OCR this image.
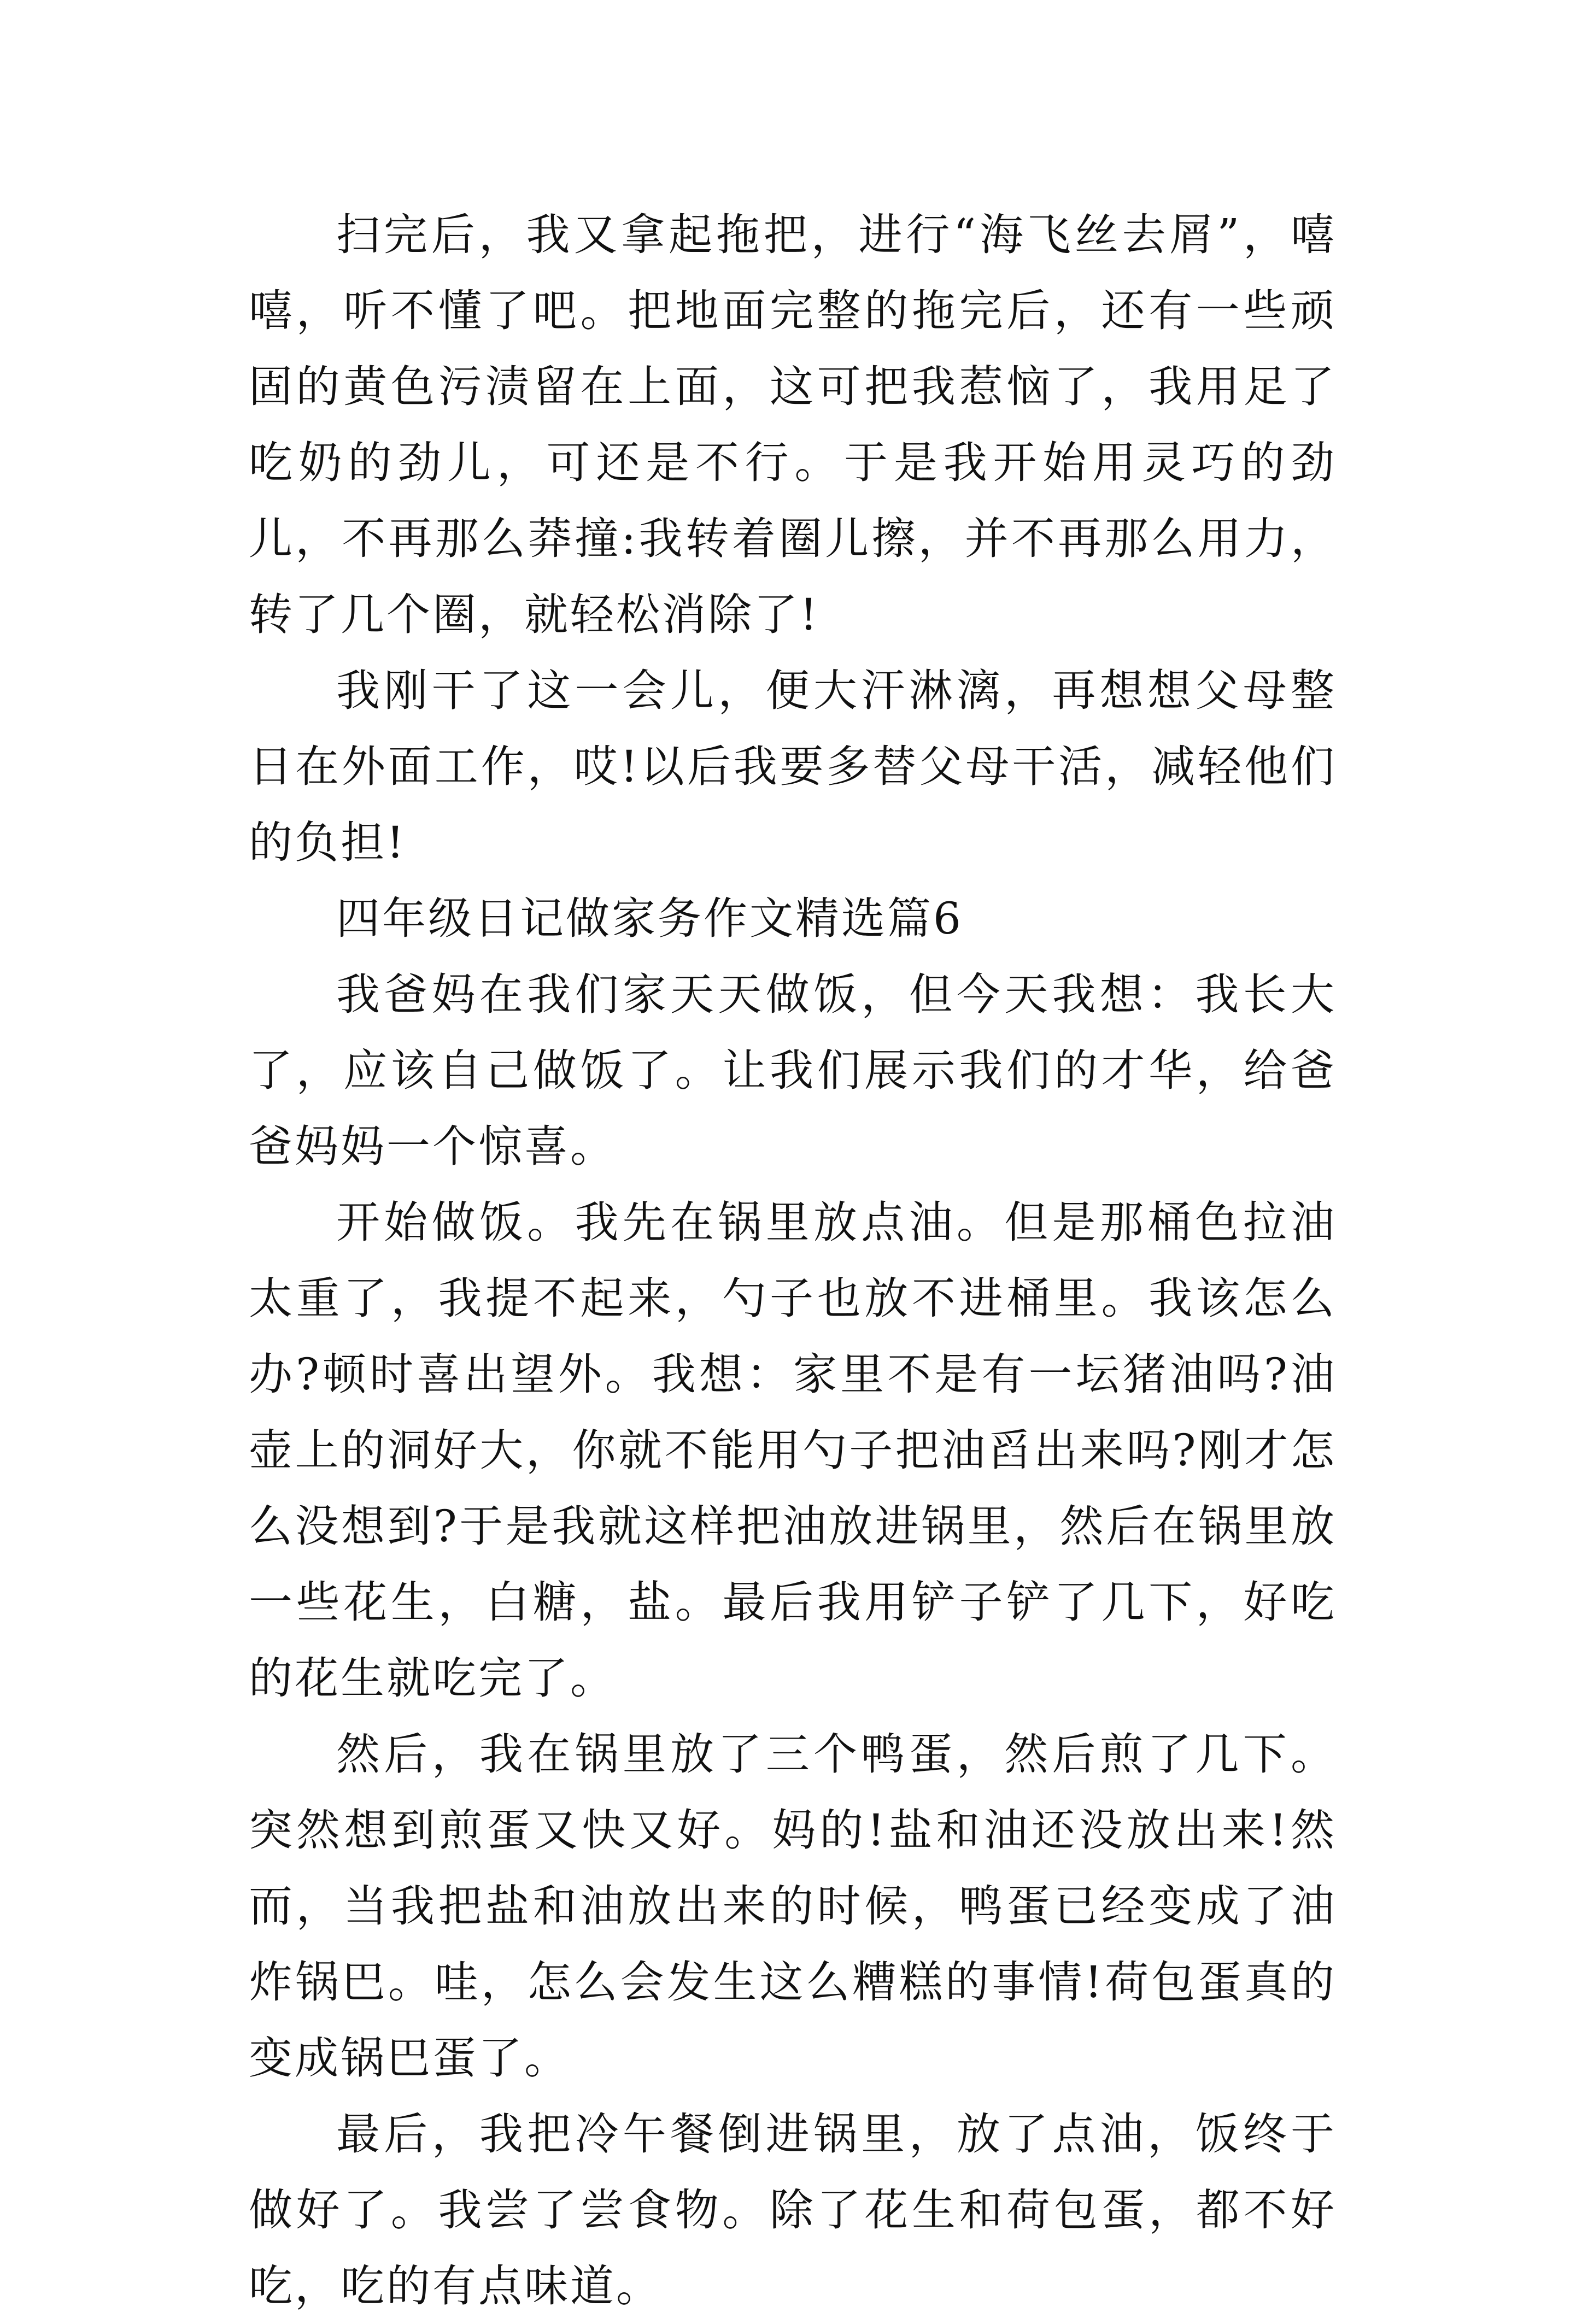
扫完后，我又拿起拖把，进行“海飞丝去屑”，嘻嘻，听不懂了吧。把地面完整的拖完后，还有一些顽固的黄色污渍留在上面，这可把我惹恼了，我用足了吃奶的劲儿，可还是不行。于是我开始用灵巧的劲儿，不再那么莽撞:我转着圈儿擦，并不再那么用力，转了几个圈，就轻松消除了!

我刚干了这一会儿，便大汗淋漓，再想想父母整日在外面工作，哎!以后我要多替父母干活，减轻他们的负担!

四年级日记做家务作文精选篇6

我爸妈在我们家天天做饭，但今天我想：我长大了，应该自己做饭了。让我们展示我们的才华，给爸爸妈妈一个惊喜。

开始做饭。我先在锅里放点油。但是那桶色拉油太重了，我提不起来，勺子也放不进桶里。我该怎么办?顿时喜出望外。我想：家里不是有一坛猪油吗?油壶上的洞好大，你就不能用勺子把油舀出来吗?刚才怎么没想到?于是我就这样把油放进锅里，然后在锅里放一些花生，白糖，盐。最后我用铲子铲了几下，好吃的花生就吃完了。

然后，我在锅里放了三个鸭蛋，然后煎了几下。突然想到煎蛋又快又好。妈的!盐和油还没放出来!然而，当我把盐和油放出来的时候，鸭蛋已经变成了油炸锅巴。哇，怎么会发生这么糟糕的事情!荷包蛋真的变成锅巴蛋了。

最后，我把冷午餐倒进锅里，放了点油，饭终于做好了。我尝了尝食物。除了花生和荷包蛋，都不好吃，吃的有点味道。
